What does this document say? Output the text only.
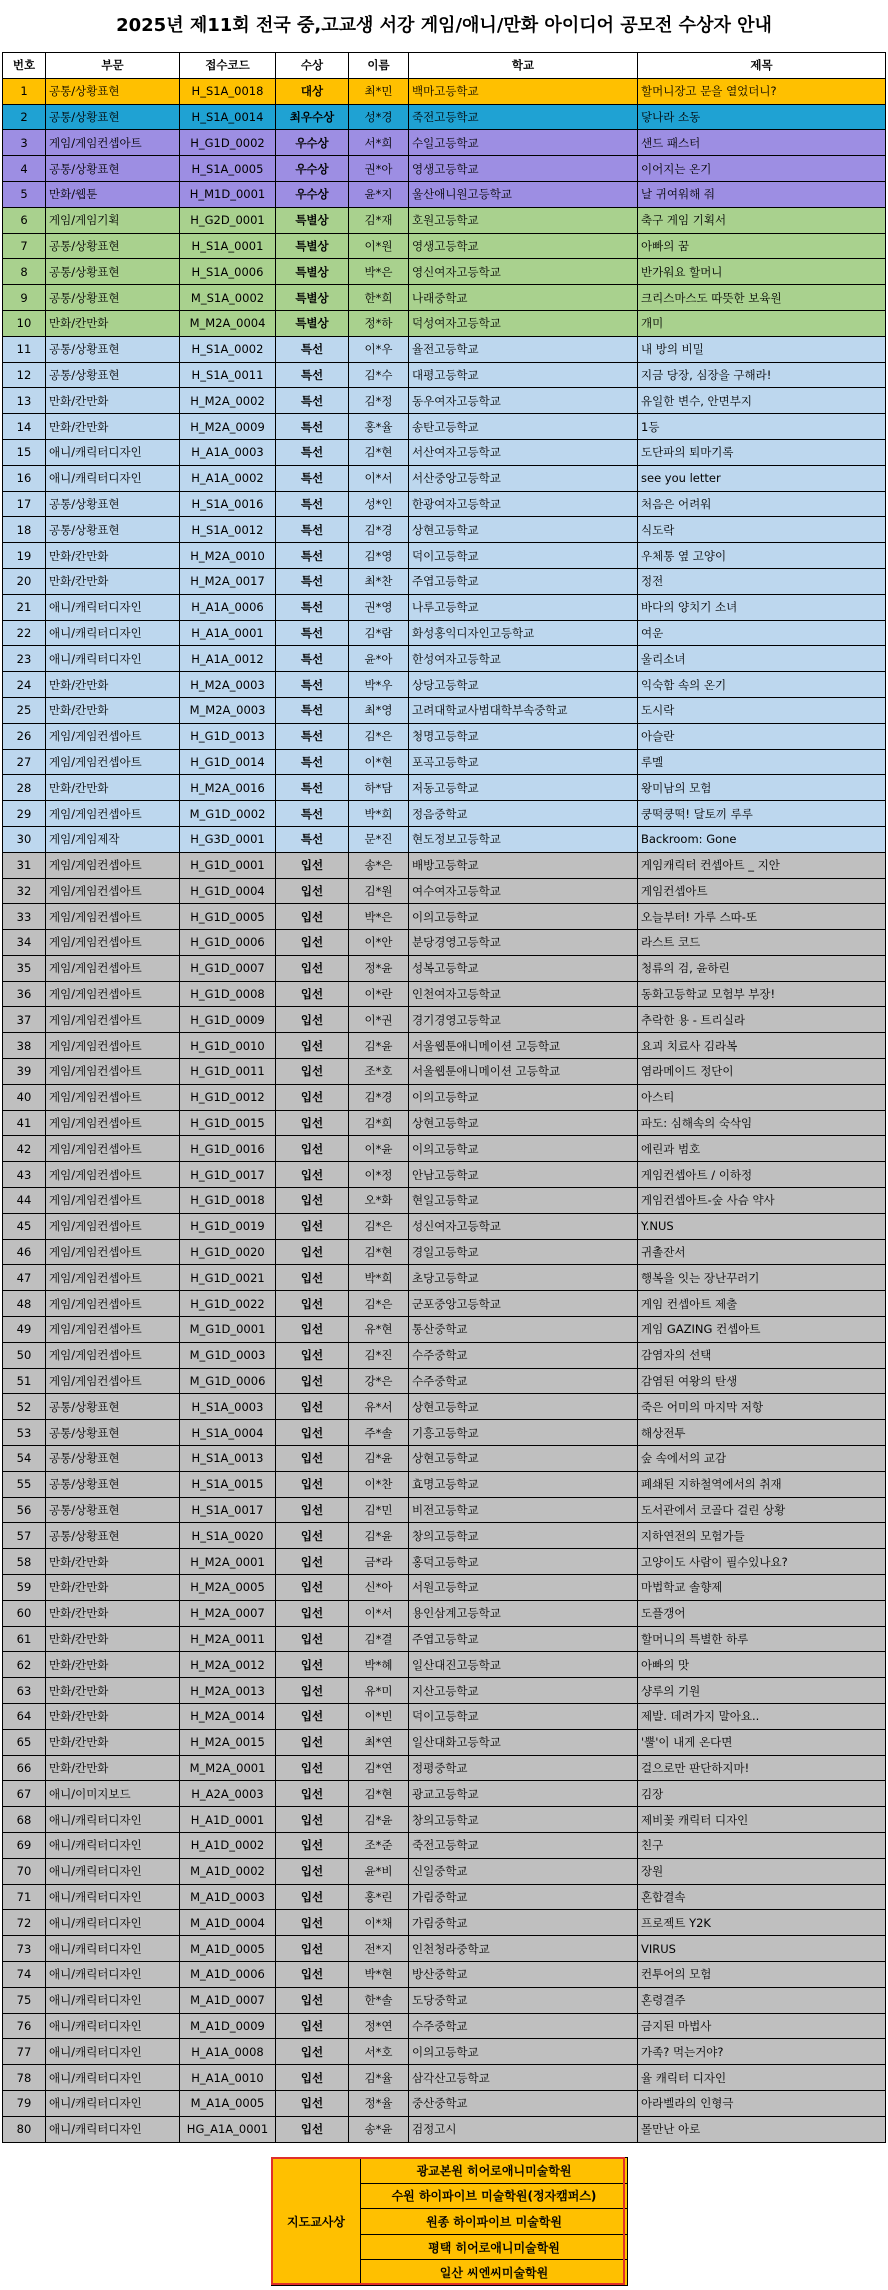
2025년 제11회 전국 중,고교생 서강 게임/애니/만화 아이디어 공모전 수상자 안내
번호	부문	접수코드	수상	이름	학교	제목
1	공통/상황표현	H_S1A_0018	대상	최*민	백마고등학교	할머니장고 문을 열었더니?
2	공통/상황표현	H_S1A_0014	최우수상	성*경	죽전고등학교	닿나라 소동
3	게임/게임컨셉아트	H_G1D_0002	우수상	서*희	수일고등학교	샌드 패스터
4	공통/상황표현	H_S1A_0005	우수상	권*아	영생고등학교	이어지는 온기
5	만화/웹툰	H_M1D_0001	우수상	윤*지	울산애니원고등학교	날 귀여워해 줘
6	게임/게임기획	H_G2D_0001	특별상	김*재	호원고등학교	축구 게임 기획서
7	공통/상황표현	H_S1A_0001	특별상	이*원	영생고등학교	아빠의 꿈
8	공통/상황표현	H_S1A_0006	특별상	박*은	영신여자고등학교	반가워요 할머니
9	공통/상황표현	M_S1A_0002	특별상	한*희	나래중학교	크리스마스도 따뜻한 보육원
10	만화/칸만화	M_M2A_0004	특별상	정*하	덕성여자고등학교	개미
11	공통/상황표현	H_S1A_0002	특선	이*우	율전고등학교	내 방의 비밀
12	공통/상황표현	H_S1A_0011	특선	김*수	대평고등학교	지금 당장, 심장을 구해라!
13	만화/칸만화	H_M2A_0002	특선	김*정	동우여자고등학교	유일한 변수, 안면부지
14	만화/칸만화	H_M2A_0009	특선	홍*율	송탄고등학교	1등
15	애니/캐릭터디자인	H_A1A_0003	특선	김*현	서산여자고등학교	도단파의 퇴마기록
16	애니/캐릭터디자인	H_A1A_0002	특선	이*서	서산중앙고등학교	see you letter
17	공통/상황표현	H_S1A_0016	특선	성*인	한광여자고등학교	처음은 어려워
18	공통/상황표현	H_S1A_0012	특선	김*경	상현고등학교	식도락
19	만화/칸만화	H_M2A_0010	특선	김*영	덕이고등학교	우체통 옆 고양이
20	만화/칸만화	H_M2A_0017	특선	최*찬	주엽고등학교	정전
21	애니/캐릭터디자인	H_A1A_0006	특선	권*영	나루고등학교	바다의 양치기 소녀
22	애니/캐릭터디자인	H_A1A_0001	특선	김*람	화성홍익디자인고등학교	여운
23	애니/캐릭터디자인	H_A1A_0012	특선	윤*아	한성여자고등학교	울리소녀
24	만화/칸만화	H_M2A_0003	특선	박*우	상당고등학교	익숙함 속의 온기
25	만화/칸만화	M_M2A_0003	특선	최*영	고려대학교사범대학부속중학교	도시락
26	게임/게임컨셉아트	H_G1D_0013	특선	김*은	청명고등학교	아슬란
27	게임/게임컨셉아트	H_G1D_0014	특선	이*현	포곡고등학교	루멜
28	만화/칸만화	H_M2A_0016	특선	하*담	저동고등학교	왕미남의 모험
29	게임/게임컨셉아트	M_G1D_0002	특선	박*희	정음중학교	쿵떡쿵떡! 달토끼 루루
30	게임/게임제작	H_G3D_0001	특선	문*진	현도정보고등학교	Backroom: Gone
31	게임/게임컨셉아트	H_G1D_0001	입선	송*은	배방고등학교	게임캐릭터 컨셉아트 _ 지안
32	게임/게임컨셉아트	H_G1D_0004	입선	김*원	여수여자고등학교	게임컨셉아트
33	게임/게임컨셉아트	H_G1D_0005	입선	박*은	이의고등학교	오늘부터! 가루 스따-또
34	게임/게임컨셉아트	H_G1D_0006	입선	이*안	분당경영고등학교	라스트 코드
35	게임/게임컨셉아트	H_G1D_0007	입선	정*윤	성복고등학교	청류의 검, 윤하린
36	게임/게임컨셉아트	H_G1D_0008	입선	이*란	인천여자고등학교	동화고등학교 모험부 부장!
37	게임/게임컨셉아트	H_G1D_0009	입선	이*권	경기경영고등학교	추락한 용 - 트리실라
38	게임/게임컨셉아트	H_G1D_0010	입선	김*윤	서울웹툰애니메이션 고등학교	요괴 치료사 김라복
39	게임/게임컨셉아트	H_G1D_0011	입선	조*호	서울웹툰애니메이션 고등학교	염라메이드 정단이
40	게임/게임컨셉아트	H_G1D_0012	입선	김*경	이의고등학교	아스티
41	게임/게임컨셉아트	H_G1D_0015	입선	김*희	상현고등학교	파도: 심해속의 숙삭임
42	게임/게임컨셉아트	H_G1D_0016	입선	이*윤	이의고등학교	에린과 범호
43	게임/게임컨셉아트	H_G1D_0017	입선	이*정	안남고등학교	게임컨셉아트 / 이하정
44	게임/게임컨셉아트	H_G1D_0018	입선	오*화	현일고등학교	게임컨셉아트-숲 사슴 약사
45	게임/게임컨셉아트	H_G1D_0019	입선	김*은	성신여자고등학교	Y.NUS
46	게임/게임컨셉아트	H_G1D_0020	입선	김*현	경일고등학교	귀촐잔서
47	게임/게임컨셉아트	H_G1D_0021	입선	박*희	초당고등학교	행복을 잇는 장난꾸러기
48	게임/게임컨셉아트	H_G1D_0022	입선	김*은	군포중앙고등학교	게임 컨셉아트 제출
49	게임/게임컨셉아트	M_G1D_0001	입선	유*현	통산중학교	게임 GAZING 컨셉아트
50	게임/게임컨셉아트	M_G1D_0003	입선	김*진	수주중학교	감염자의 선택
51	게임/게임컨셉아트	M_G1D_0006	입선	강*은	수주중학교	감염된 여왕의 탄생
52	공통/상황표현	H_S1A_0003	입선	유*서	상현고등학교	죽은 어미의 마지막 저항
53	공통/상황표현	H_S1A_0004	입선	주*솔	기흥고등학교	해상전투
54	공통/상황표현	H_S1A_0013	입선	김*윤	상현고등학교	숲 속에서의 교감
55	공통/상황표현	H_S1A_0015	입선	이*찬	효명고등학교	폐쇄된 지하철역에서의 취재
56	공통/상황표현	H_S1A_0017	입선	김*민	비전고등학교	도서관에서 코골다 걸린 상황
57	공통/상황표현	H_S1A_0020	입선	김*윤	창의고등학교	지하연전의 모험가들
58	만화/칸만화	H_M2A_0001	입선	금*라	홍덕고등학교	고양이도 사람이 필수있나요?
59	만화/칸만화	H_M2A_0005	입선	신*아	서원고등학교	마법학교 솔향제
60	만화/칸만화	H_M2A_0007	입선	이*서	용인삼계고등학교	도플갱어
61	만화/칸만화	H_M2A_0011	입선	김*결	주엽고등학교	할머니의 특별한 하루
62	만화/칸만화	H_M2A_0012	입선	박*혜	일산대진고등학교	아빠의 맛
63	만화/칸만화	H_M2A_0013	입선	유*미	지산고등학교	샹루의 기원
64	만화/칸만화	H_M2A_0014	입선	이*빈	덕이고등학교	제발. 데려가지 말아요..
65	만화/칸만화	H_M2A_0015	입선	최*연	일산대화고등학교	'뿔'이 내게 온다면
66	만화/칸만화	M_M2A_0001	입선	김*연	정평중학교	걸으로만 판단하지마!
67	애니/이미지보드	H_A2A_0003	입선	김*현	광교고등학교	김장
68	애니/캐릭터디자인	H_A1D_0001	입선	김*윤	창의고등학교	제비꽃 캐릭터 디자인
69	애니/캐릭터디자인	H_A1D_0002	입선	조*준	죽전고등학교	친구
70	애니/캐릭터디자인	M_A1D_0002	입선	윤*비	신일중학교	장원
71	애니/캐릭터디자인	M_A1D_0003	입선	홍*린	가림중학교	혼합결속
72	애니/캐릭터디자인	M_A1D_0004	입선	이*채	가림중학교	프로젝트 Y2K
73	애니/캐릭터디자인	M_A1D_0005	입선	전*지	인천청라중학교	VIRUS
74	애니/캐릭터디자인	M_A1D_0006	입선	박*현	방산중학교	컨투어의 모험
75	애니/캐릭터디자인	M_A1D_0007	입선	한*솔	도당중학교	혼령결주
76	애니/캐릭터디자인	M_A1D_0009	입선	정*연	수주중학교	금지된 마법사
77	애니/캐릭터디자인	H_A1A_0008	입선	서*호	이의고등학교	가족? 먹는거야?
78	애니/캐릭터디자인	H_A1A_0010	입선	김*율	삼각산고등학교	율 캐릭터 디자인
79	애니/캐릭터디자인	M_A1A_0005	입선	정*율	중산중학교	아라벨라의 인형극
80	애니/캐릭터디자인	HG_A1A_0001	입선	송*윤	검정고시	몰만난 아로
지도교사상	광교본원 히어로애니미술학원
수원 하이파이브 미술학원(정자캠퍼스)
원종 하이파이브 미술학원
평택 히어로애니미술학원
일산 씨엔씨미술학원
